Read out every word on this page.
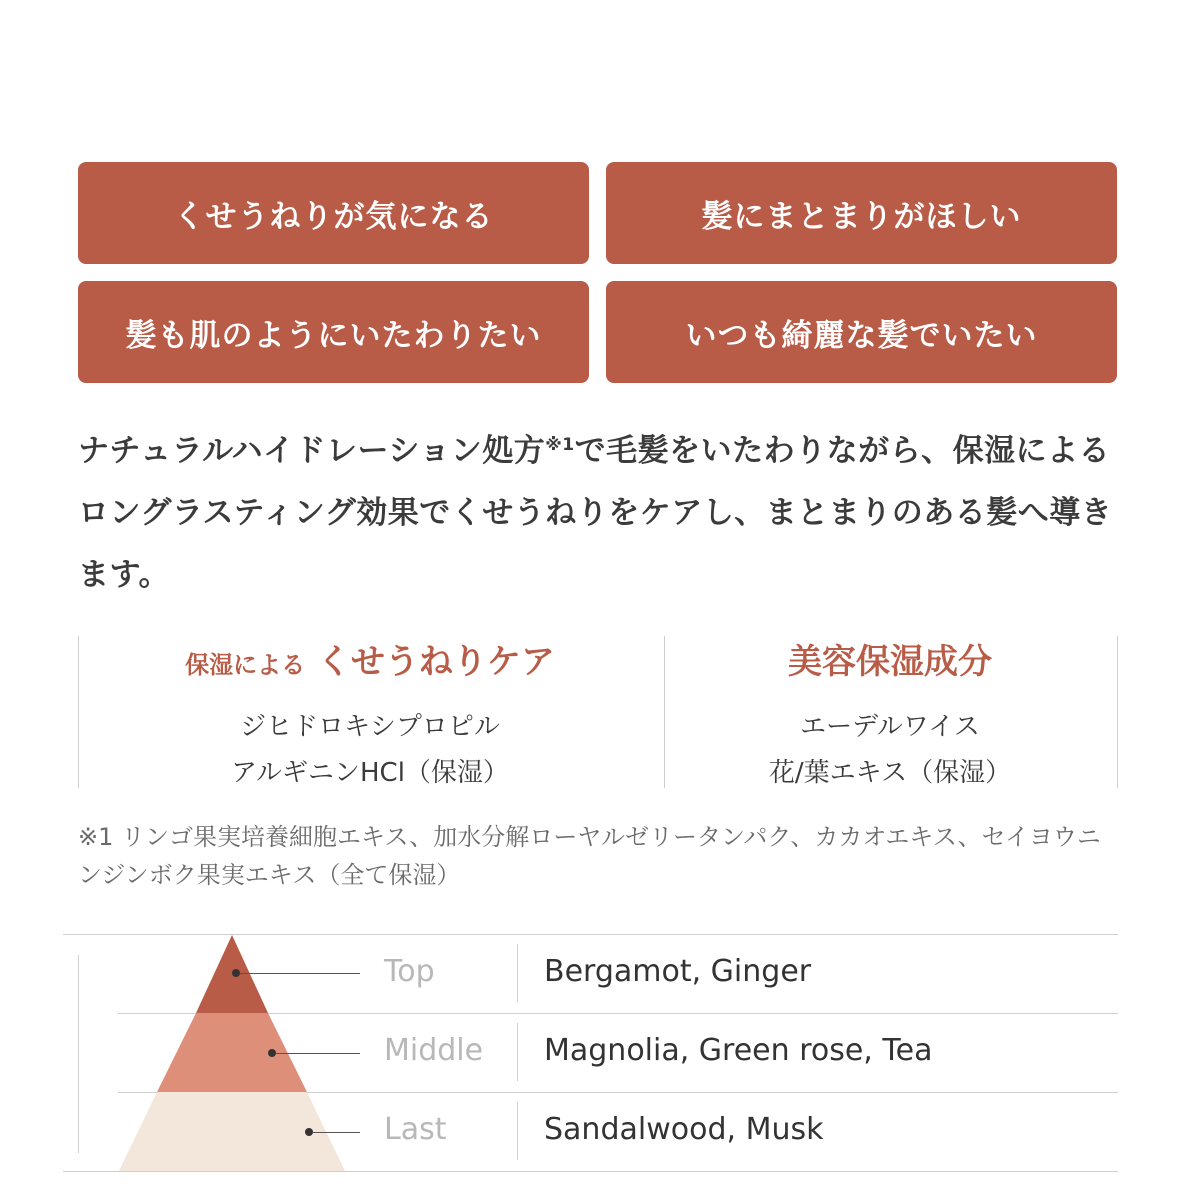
くせうねりが気になる	髪にまとまりがほしい
髪も肌のようにいたわりたい	いつも綺麗な髪でいたい
ナチュラルハイドレーション処方$^{※1}$で毛髪をいたわりながら、保湿によるロングラスティング効果でくせうねりをケアし、まとまりのある髪へ導きます。
保湿による くせうねりケア
ジヒドロキシプロピル
アルギニンHCl（保湿）
美容保湿成分
エーデルワイス
花/葉エキス（保湿）
※1 リンゴ果実培養細胞エキス、加水分解ローヤルゼリータンパク、カカオエキス、セイヨウニンジンボク果実エキス（全て保湿）
Top	Bergamot, Ginger
Middle	Magnolia, Green rose, Tea
Last	Sandalwood, Musk
